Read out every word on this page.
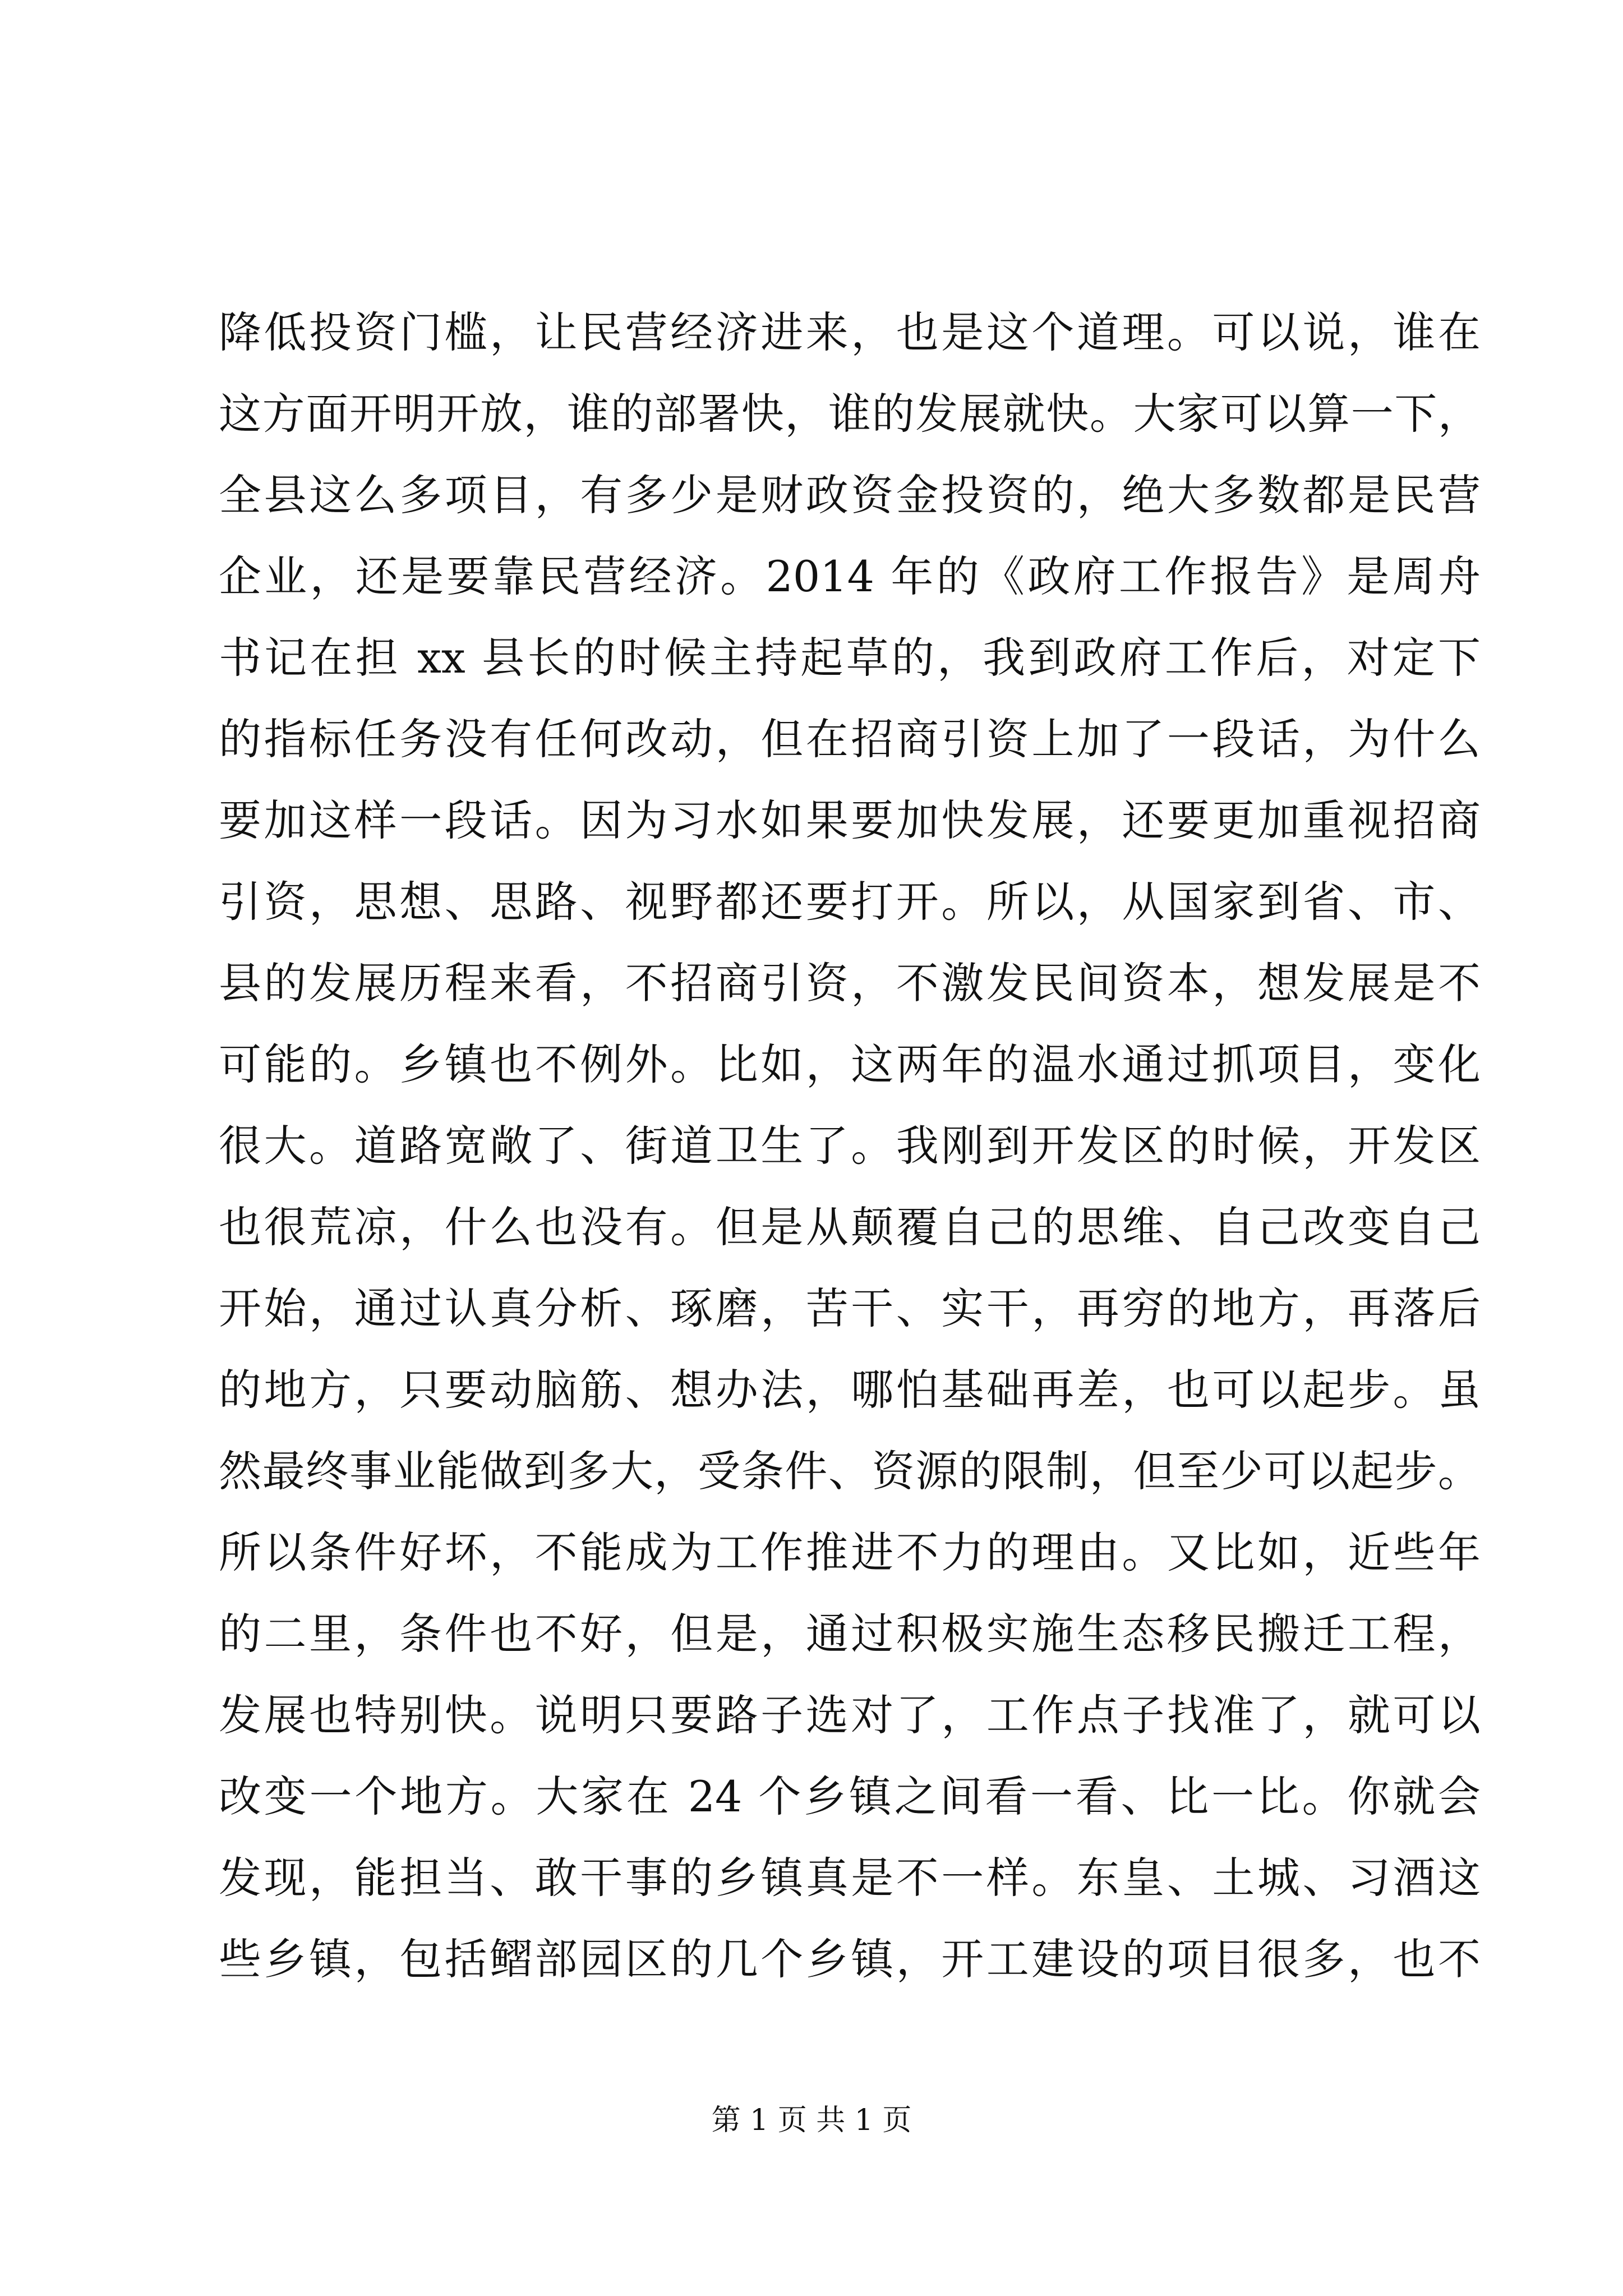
降低投资门槛，让民营经济进来，也是这个道理。可以说，谁在
这方面开明开放，谁的部署快，谁的发展就快。大家可以算一下，
全县这么多项目，有多少是财政资金投资的，绝大多数都是民营
企业，还是要靠民营经济。2014 年的《政府工作报告》是周舟
书记在担 xx 县长的时候主持起草的，我到政府工作后，对定下
的指标任务没有任何改动，但在招商引资上加了一段话，为什么
要加这样一段话。因为习水如果要加快发展，还要更加重视招商
引资，思想、思路、视野都还要打开。所以，从国家到省、市、
县的发展历程来看，不招商引资，不激发民间资本，想发展是不
可能的。乡镇也不例外。比如，这两年的温水通过抓项目，变化
很大。道路宽敞了、街道卫生了。我刚到开发区的时候，开发区
也很荒凉，什么也没有。但是从颠覆自己的思维、自己改变自己
开始，通过认真分析、琢磨，苦干、实干，再穷的地方，再落后
的地方，只要动脑筋、想办法，哪怕基础再差，也可以起步。虽
然最终事业能做到多大，受条件、资源的限制，但至少可以起步。
所以条件好坏，不能成为工作推进不力的理由。又比如，近些年
的二里，条件也不好，但是，通过积极实施生态移民搬迁工程，
发展也特别快。说明只要路子选对了，工作点子找准了，就可以
改变一个地方。大家在 24 个乡镇之间看一看、比一比。你就会
发现，能担当、敢干事的乡镇真是不一样。东皇、土城、习酒这
些乡镇，包括鳛部园区的几个乡镇，开工建设的项目很多，也不
第 1 页 共 1 页
